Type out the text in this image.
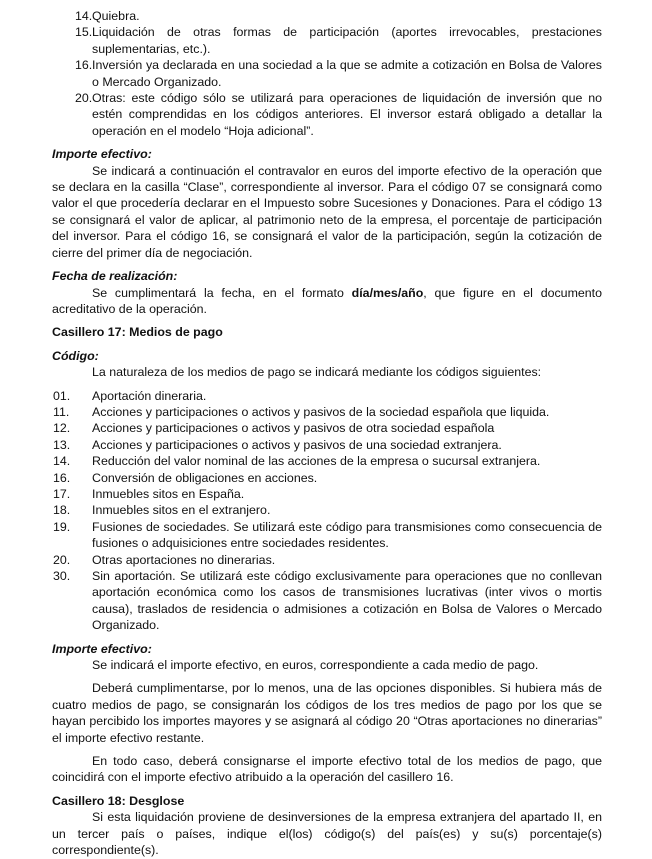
14. Quiebra.
15. Liquidación de otras formas de participación (aportes irrevocables, prestaciones suplementarias, etc.).
16. Inversión ya declarada en una sociedad a la que se admite a cotización en Bolsa de Valores o Mercado Organizado.
20. Otras: este código sólo se utilizará para operaciones de liquidación de inversión que no estén comprendidas en los códigos anteriores. El inversor estará obligado a detallar la operación en el modelo “Hoja adicional”.
Importe efectivo:
Se indicará a continuación el contravalor en euros del importe efectivo de la operación que se declara en la casilla “Clase”, correspondiente al inversor. Para el código 07 se consignará como valor el que procedería declarar en el Impuesto sobre Sucesiones y Donaciones. Para el código 13 se consignará el valor de aplicar, al patrimonio neto de la empresa, el porcentaje de participación del inversor. Para el código 16, se consignará el valor de la participación, según la cotización de cierre del primer día de negociación.
Fecha de realización:
Se cumplimentará la fecha, en el formato día/mes/año, que figure en el documento acreditativo de la operación.
Casillero 17: Medios de pago
Código:
La naturaleza de los medios de pago se indicará mediante los códigos siguientes:
01. Aportación dineraria.
11. Acciones y participaciones o activos y pasivos de la sociedad española que liquida.
12. Acciones y participaciones o activos y pasivos de otra sociedad española
13. Acciones y participaciones o activos y pasivos de una sociedad extranjera.
14. Reducción del valor nominal de las acciones de la empresa o sucursal extranjera.
16. Conversión de obligaciones en acciones.
17. Inmuebles sitos en España.
18. Inmuebles sitos en el extranjero.
19. Fusiones de sociedades. Se utilizará este código para transmisiones como consecuencia de fusiones o adquisiciones entre sociedades residentes.
20. Otras aportaciones no dinerarias.
30. Sin aportación. Se utilizará este código exclusivamente para operaciones que no conllevan aportación económica como los casos de transmisiones lucrativas (inter vivos o mortis causa), traslados de residencia o admisiones a cotización en Bolsa de Valores o Mercado Organizado.
Importe efectivo:
Se indicará el importe efectivo, en euros, correspondiente a cada medio de pago.
Deberá cumplimentarse, por lo menos, una de las opciones disponibles. Si hubiera más de cuatro medios de pago, se consignarán los códigos de los tres medios de pago por los que se hayan percibido los importes mayores y se asignará al código 20 “Otras aportaciones no dinerarias” el importe efectivo restante.
En todo caso, deberá consignarse el importe efectivo total de los medios de pago, que coincidirá con el importe efectivo atribuido a la operación del casillero 16.
Casillero 18: Desglose
Si esta liquidación proviene de desinversiones de la empresa extranjera del apartado II, en un tercer país o países, indique el(los) código(s) del país(es) y su(s) porcentaje(s) correspondiente(s).
